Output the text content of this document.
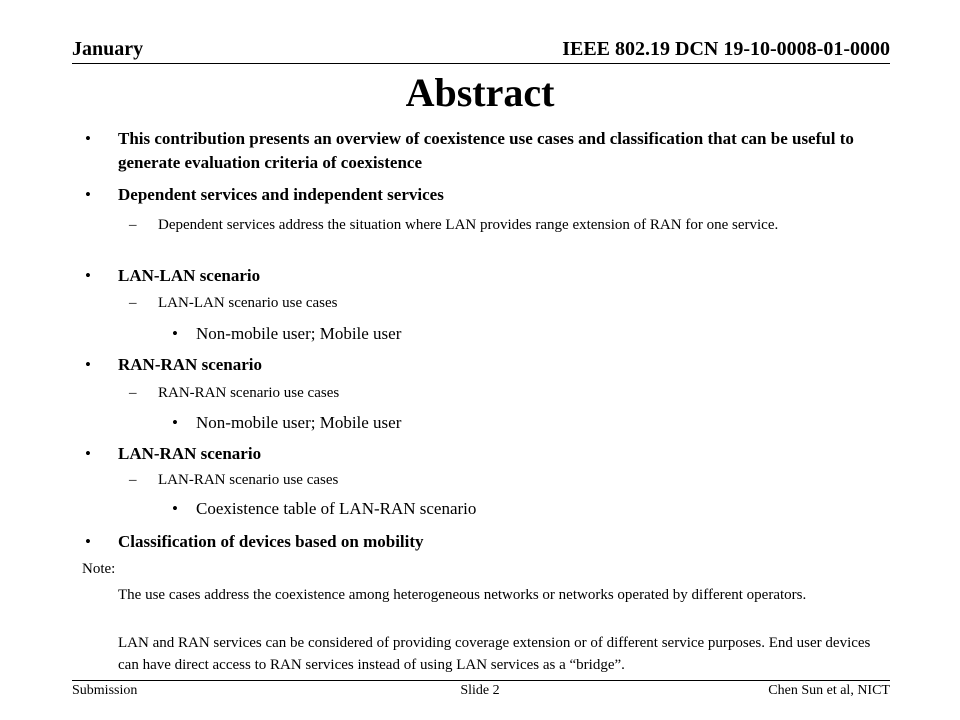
January	IEEE 802.19 DCN 19-10-0008-01-0000
Abstract
• This contribution presents an overview of coexistence use cases and classification that can be useful to generate evaluation criteria of coexistence
• Dependent services and independent services
– Dependent services address the situation where LAN provides range extension of RAN for one service.
• LAN-LAN scenario
– LAN-LAN scenario use cases
• Non-mobile user; Mobile user
• RAN-RAN scenario
– RAN-RAN scenario use cases
• Non-mobile user; Mobile user
• LAN-RAN scenario
– LAN-RAN scenario use cases
• Coexistence table of LAN-RAN scenario
• Classification of devices based on mobility
Note:
The use cases address the coexistence among heterogeneous networks or networks operated by different operators.
LAN and RAN services can be considered of providing coverage extension or of different service purposes. End user devices can have direct access to RAN services instead of using LAN services as a “bridge”.
Submission	Slide 2	Chen Sun et al, NICT
